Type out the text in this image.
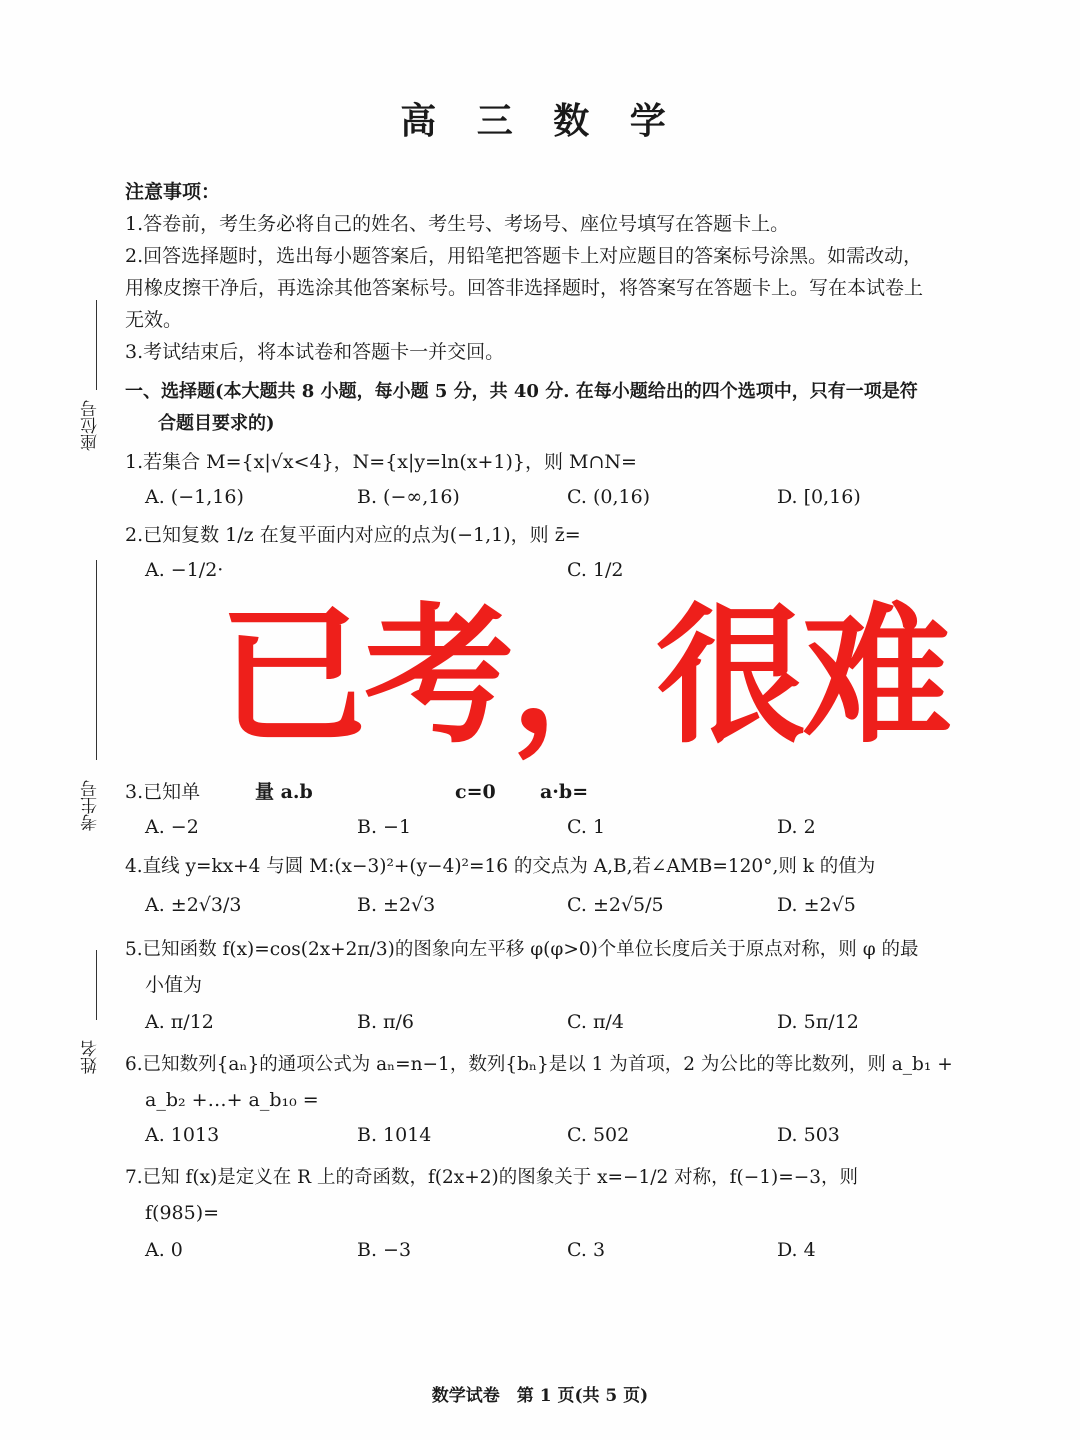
高 三 数 学
座位号
考生号
姓名
注意事项：
1.答卷前，考生务必将自己的姓名、考生号、考场号、座位号填写在答题卡上。
2.回答选择题时，选出每小题答案后，用铅笔把答题卡上对应题目的答案标号涂黑。如需改动，
用橡皮擦干净后，再选涂其他答案标号。回答非选择题时，将答案写在答题卡上。写在本试卷上
无效。
3.考试结束后，将本试卷和答题卡一并交回。
一、选择题(本大题共 8 小题，每小题 5 分，共 40 分. 在每小题给出的四个选项中，只有一项是符
合题目要求的)
1.若集合 M={x|√x<4}，N={x|y=ln(x+1)}，则 M∩N=
A. (−1,16)	B. (−∞,16)	C. (0,16)	D. [0,16)
2.已知复数 1/z 在复平面内对应的点为(−1,1)，则 z̄=
A. −1/2·	C. 1/2
已考，很难
3.已知单	量 a.b	c=0 a·b=
A. −2	B. −1	C. 1	D. 2
4.直线 y=kx+4 与圆 M:(x−3)²+(y−4)²=16 的交点为 A,B,若∠AMB=120°,则 k 的值为
A. ±2√3/3	B. ±2√3	C. ±2√5/5	D. ±2√5
5.已知函数 f(x)=cos(2x+2π/3)的图象向左平移 φ(φ>0)个单位长度后关于原点对称，则 φ 的最
小值为
A. π/12	B. π/6	C. π/4	D. 5π/12
6.已知数列{aₙ}的通项公式为 aₙ=n−1，数列{bₙ}是以 1 为首项，2 为公比的等比数列，则 a_b₁ +
a_b₂ +…+ a_b₁₀ =
A. 1013	B. 1014	C. 502	D. 503
7.已知 f(x)是定义在 R 上的奇函数，f(2x+2)的图象关于 x=−1/2 对称，f(−1)=−3，则
f(985)=
A. 0	B. −3	C. 3	D. 4
数学试卷　第 1 页(共 5 页)
